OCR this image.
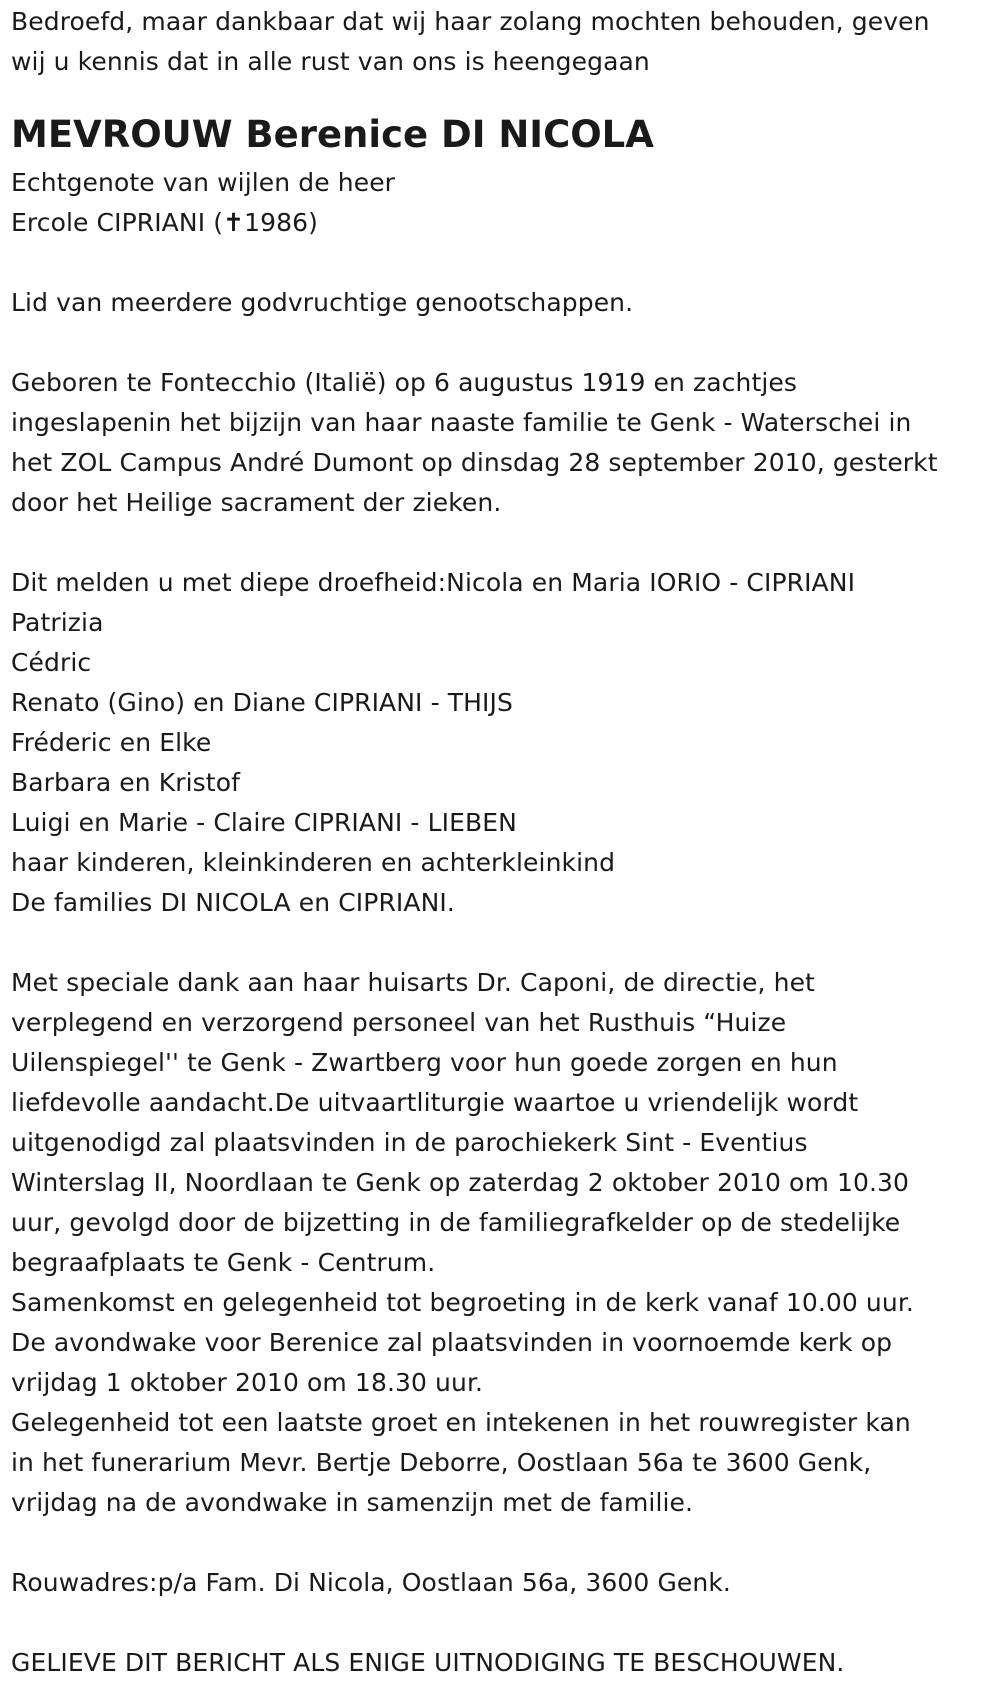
Bedroefd, maar dankbaar dat wij haar zolang mochten behouden, geven
wij u kennis dat in alle rust van ons is heengegaan
MEVROUW Berenice DI NICOLA
Echtgenote van wijlen de heer
Ercole CIPRIANI (✝1986)
Lid van meerdere godvruchtige genootschappen.
Geboren te Fontecchio (Italië) op 6 augustus 1919 en zachtjes
ingeslapenin het bijzijn van haar naaste familie te Genk - Waterschei in
het ZOL Campus André Dumont op dinsdag 28 september 2010, gesterkt
door het Heilige sacrament der zieken.
Dit melden u met diepe droefheid:Nicola en Maria IORIO - CIPRIANI
Patrizia
Cédric
Renato (Gino) en Diane CIPRIANI - THIJS
Fréderic en Elke
Barbara en Kristof
Luigi en Marie - Claire CIPRIANI - LIEBEN
haar kinderen, kleinkinderen en achterkleinkind
De families DI NICOLA en CIPRIANI.
Met speciale dank aan haar huisarts Dr. Caponi, de directie, het
verplegend en verzorgend personeel van het Rusthuis “Huize
Uilenspiegel'' te Genk - Zwartberg voor hun goede zorgen en hun
liefdevolle aandacht.De uitvaartliturgie waartoe u vriendelijk wordt
uitgenodigd zal plaatsvinden in de parochiekerk Sint - Eventius
Winterslag II, Noordlaan te Genk op zaterdag 2 oktober 2010 om 10.30
uur, gevolgd door de bijzetting in de familiegrafkelder op de stedelijke
begraafplaats te Genk - Centrum.
Samenkomst en gelegenheid tot begroeting in de kerk vanaf 10.00 uur.
De avondwake voor Berenice zal plaatsvinden in voornoemde kerk op
vrijdag 1 oktober 2010 om 18.30 uur.
Gelegenheid tot een laatste groet en intekenen in het rouwregister kan
in het funerarium Mevr. Bertje Deborre, Oostlaan 56a te 3600 Genk,
vrijdag na de avondwake in samenzijn met de familie.
Rouwadres:p/a Fam. Di Nicola, Oostlaan 56a, 3600 Genk.
GELIEVE DIT BERICHT ALS ENIGE UITNODIGING TE BESCHOUWEN.
